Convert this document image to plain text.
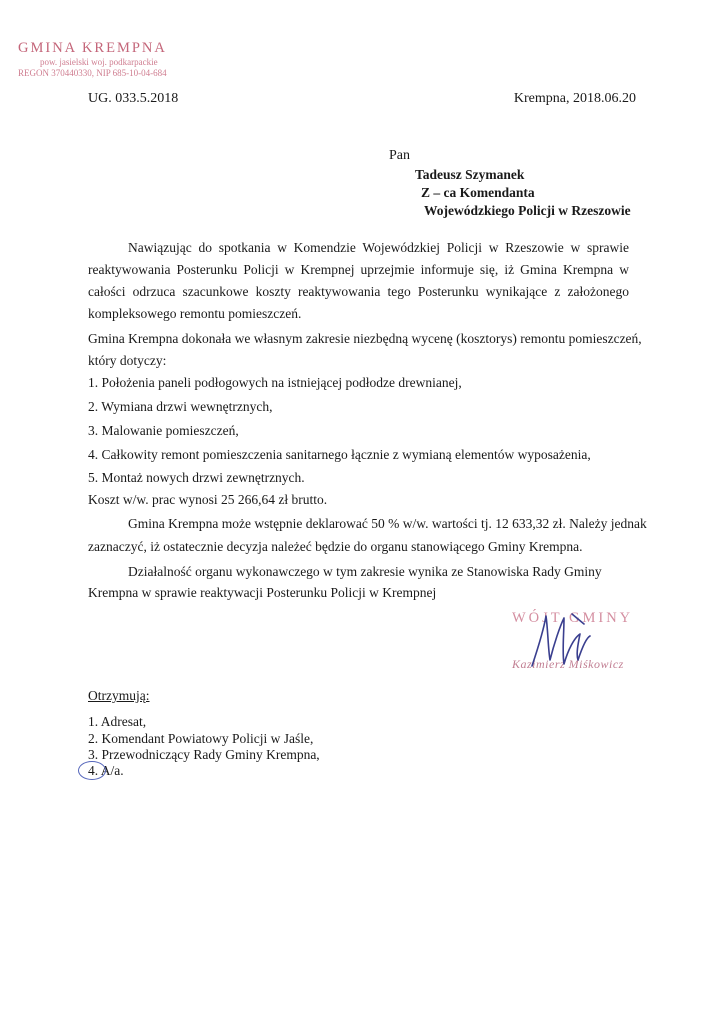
GMINA KREMPNA
pow. jasielski woj. podkarpackie
REGON 370440330, NIP 685-10-04-684
UG. 033.5.2018	Krempna, 2018.06.20
Pan
Tadeusz Szymanek
Z – ca Komendanta
Wojewódzkiego Policji w Rzeszowie
Nawiązując do spotkania w Komendzie Wojewódzkiej Policji w Rzeszowie w sprawie reaktywowania Posterunku Policji w Krempnej uprzejmie informuje się, iż Gmina Krempna w całości odrzuca szacunkowe koszty reaktywowania tego Posterunku wynikające z założonego kompleksowego remontu pomieszczeń.
Gmina Krempna dokonała we własnym zakresie niezbędną wycenę (kosztorys) remontu pomieszczeń,
który dotyczy:
1. Położenia paneli podłogowych na istniejącej podłodze drewnianej,
2. Wymiana drzwi wewnętrznych,
3. Malowanie pomieszczeń,
4. Całkowity remont pomieszczenia sanitarnego łącznie z wymianą elementów wyposażenia,
5. Montaż nowych drzwi zewnętrznych.
Koszt w/w. prac wynosi 25 266,64 zł brutto.
Gmina Krempna może wstępnie deklarować 50 % w/w. wartości tj. 12 633,32 zł. Należy jednak
zaznaczyć, iż ostatecznie decyzja należeć będzie do organu stanowiącego Gminy Krempna.
Działalność organu wykonawczego w tym zakresie wynika ze Stanowiska Rady Gminy
Krempna w sprawie reaktywacji Posterunku Policji w Krempnej
WÓJT GMINY
Kazimierz Miśkowicz
Otrzymują:
1. Adresat,
2. Komendant Powiatowy Policji w Jaśle,
3. Przewodniczący Rady Gminy Krempna,
4. A/a.
